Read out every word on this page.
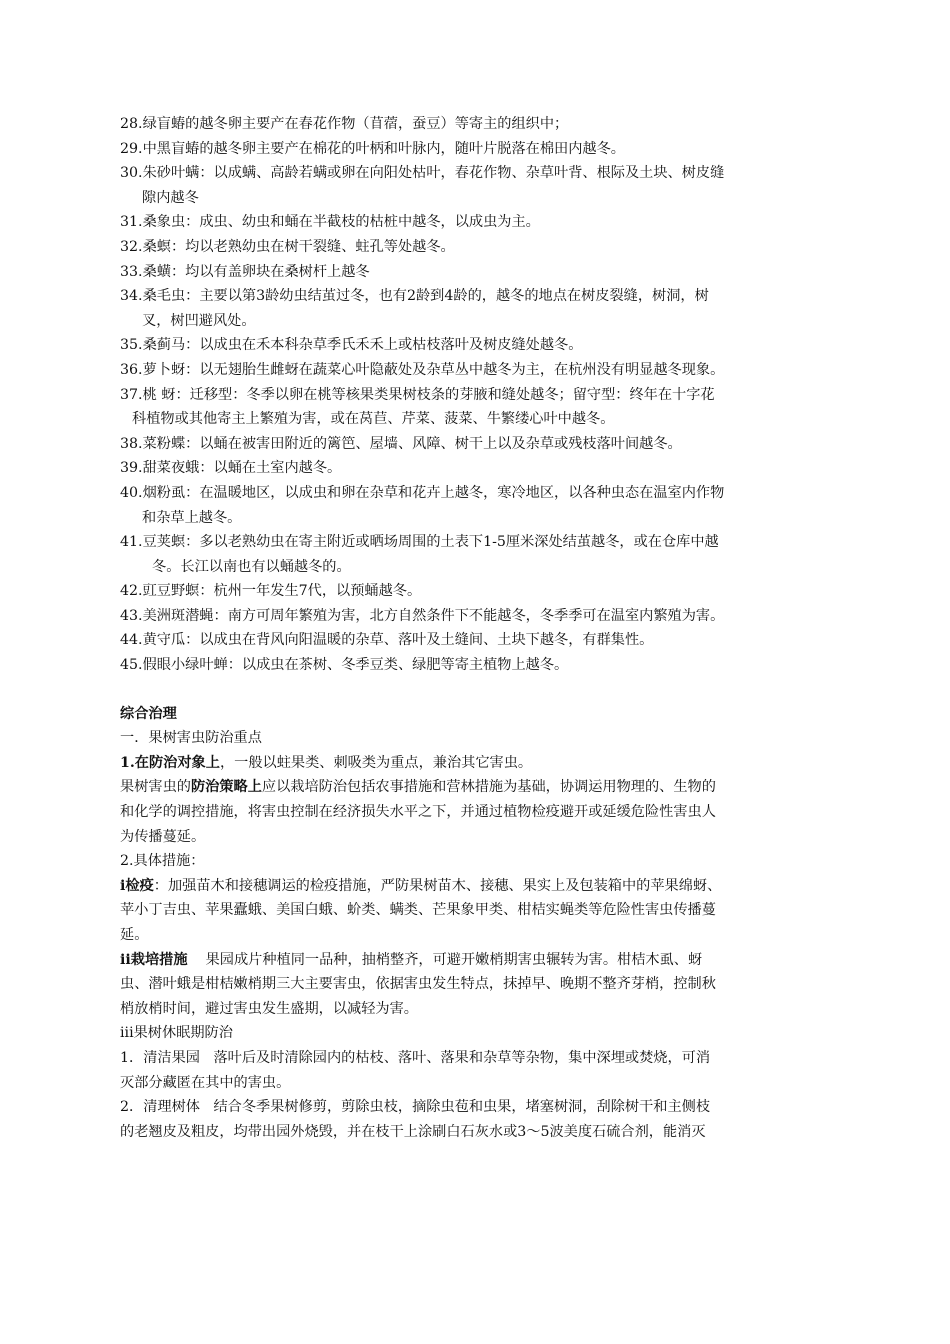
28.绿盲蝽的越冬卵主要产在春花作物（苜蓿，蚕豆）等寄主的组织中；
29.中黑盲蝽的越冬卵主要产在棉花的叶柄和叶脉内，随叶片脱落在棉田内越冬。
30.朱砂叶螨：以成螨、高龄若螨或卵在向阳处枯叶，春花作物、杂草叶背、根际及土块、树皮缝
隙内越冬
31.桑象虫：成虫、幼虫和蛹在半截枝的枯桩中越冬，以成虫为主。
32.桑螟：均以老熟幼虫在树干裂缝、蛀孔等处越冬。
33.桑蟥：均以有盖卵块在桑树杆上越冬
34.桑毛虫：主要以第3龄幼虫结茧过冬，也有2龄到4龄的，越冬的地点在树皮裂缝，树洞，树
叉，树凹避风处。
35.桑蓟马：以成虫在禾本科杂草季氏禾禾上或枯枝落叶及树皮缝处越冬。
36.萝卜蚜：以无翅胎生雌蚜在蔬菜心叶隐蔽处及杂草丛中越冬为主，在杭州没有明显越冬现象。
37.桃 蚜：迁移型：冬季以卵在桃等核果类果树枝条的芽腋和缝处越冬；留守型：终年在十字花
科植物或其他寄主上繁殖为害，或在莴苣、芹菜、菠菜、牛繁缕心叶中越冬。
38.菜粉蝶：以蛹在被害田附近的篱笆、屋墙、风障、树干上以及杂草或残枝落叶间越冬。
39.甜菜夜蛾：以蛹在土室内越冬。
40.烟粉虱：在温暖地区，以成虫和卵在杂草和花卉上越冬，寒冷地区，以各种虫态在温室内作物
和杂草上越冬。
41.豆荚螟：多以老熟幼虫在寄主附近或晒场周围的土表下1-5厘米深处结茧越冬，或在仓库中越
冬。长江以南也有以蛹越冬的。
42.豇豆野螟：杭州一年发生7代，以预蛹越冬。
43.美洲斑潜蝇：南方可周年繁殖为害，北方自然条件下不能越冬，冬季季可在温室内繁殖为害。
44.黄守瓜：以成虫在背风向阳温暖的杂草、落叶及土缝间、土块下越冬，有群集性。
45.假眼小绿叶蝉：以成虫在茶树、冬季豆类、绿肥等寄主植物上越冬。
综合治理
一．果树害虫防治重点
1.在防治对象上，一般以蛀果类、刺吸类为重点，兼治其它害虫。
果树害虫的防治策略上应以栽培防治包括农事措施和营林措施为基础，协调运用物理的、生物的
和化学的调控措施，将害虫控制在经济损失水平之下，并通过植物检疫避开或延缓危险性害虫人
为传播蔓延。
2.具体措施：
i检疫：加强苗木和接穗调运的检疫措施，严防果树苗木、接穗、果实上及包装箱中的苹果绵蚜、
苹小丁吉虫、苹果蠹蛾、美国白蛾、蚧类、螨类、芒果象甲类、柑桔实蝇类等危险性害虫传播蔓
延。
ii栽培措施    果园成片种植同一品种，抽梢整齐，可避开嫩梢期害虫辗转为害。柑桔木虱、蚜
虫、潜叶蛾是柑桔嫩梢期三大主要害虫，依据害虫发生特点，抹掉早、晚期不整齐芽梢，控制秋
梢放梢时间，避过害虫发生盛期，以减轻为害。
iii果树休眠期防治
1．清洁果园   落叶后及时清除园内的枯枝、落叶、落果和杂草等杂物，集中深埋或焚烧，可消
灭部分藏匿在其中的害虫。
2．清理树体   结合冬季果树修剪，剪除虫枝，摘除虫苞和虫果，堵塞树洞，刮除树干和主侧枝
的老翘皮及粗皮，均带出园外烧毁，并在枝干上涂刷白石灰水或3～5波美度石硫合剂，能消灭
